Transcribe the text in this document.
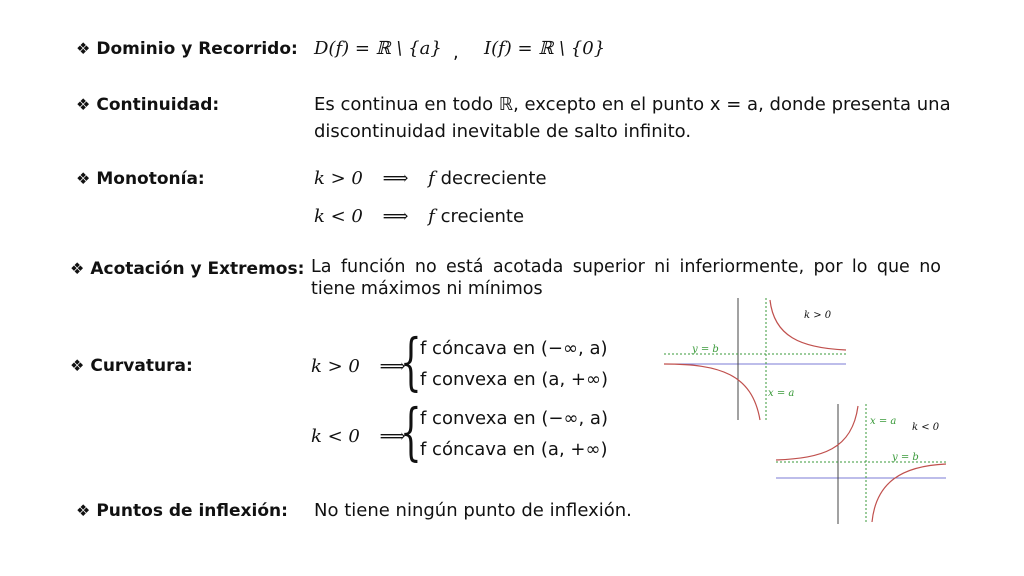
❖ Dominio y Recorrido: D(f) = ℝ \ {a} , I(f) = ℝ \ {0}
❖ Continuidad:	Es continua en todo ℝ, excepto en el punto x = a, donde presenta una
discontinuidad inevitable de salto infinito.
❖ Monotonía:	k > 0 ⟹ f decreciente
k < 0 ⟹ f creciente
❖ Acotación y Extremos: La función no está acotada superior ni inferiormente, por lo que no tiene máximos ni mínimos
❖ Curvatura:	k > 0 ⟹
{
f cóncava en (−∞, a)
f convexa en (a, +∞)
k < 0 ⟹
{
f convexa en (−∞, a)
f cóncava en (a, +∞)
❖ Puntos de inflexión: No tiene ningún punto de inflexión.
y = b
x = a
k > 0
x = a
y = b
k < 0
